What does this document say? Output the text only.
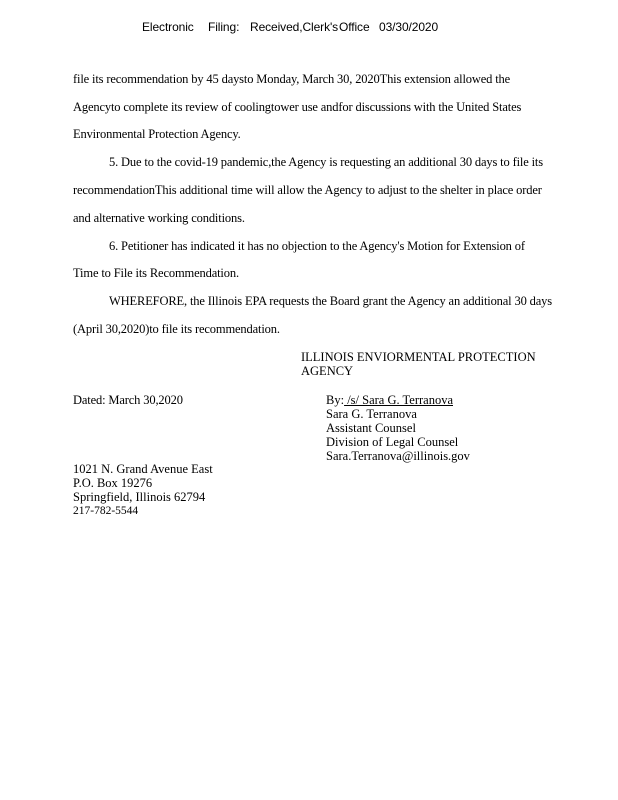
Electronic Filing: Received,Clerk'sOffice 03/30/2020
file its recommendation by 45 daysto Monday, March 30, 2020This extension allowed the
Agencyto complete its review of coolingtower use andfor discussions with the United States
Environmental Protection Agency.
5. Due to the covid-19 pandemic,the Agency is requesting an additional 30 days to file its
recommendationThis additional time will allow the Agency to adjust to the shelter in place order
and alternative working conditions.
6. Petitioner has indicated it has no objection to the Agency's Motion for Extension of
Time to File its Recommendation.
WHEREFORE, the Illinois EPA requests the Board grant the Agency an additional 30 days
(April 30,2020)to file its recommendation.
ILLINOIS ENVIORMENTAL PROTECTION
AGENCY
Dated: March 30,2020	By: /s/ Sara G. Terranova
Sara G. Terranova
Assistant Counsel
Division of Legal Counsel
Sara.Terranova@illinois.gov
1021 N. Grand Avenue East
P.O. Box 19276
Springfield, Illinois 62794
217-782-5544
